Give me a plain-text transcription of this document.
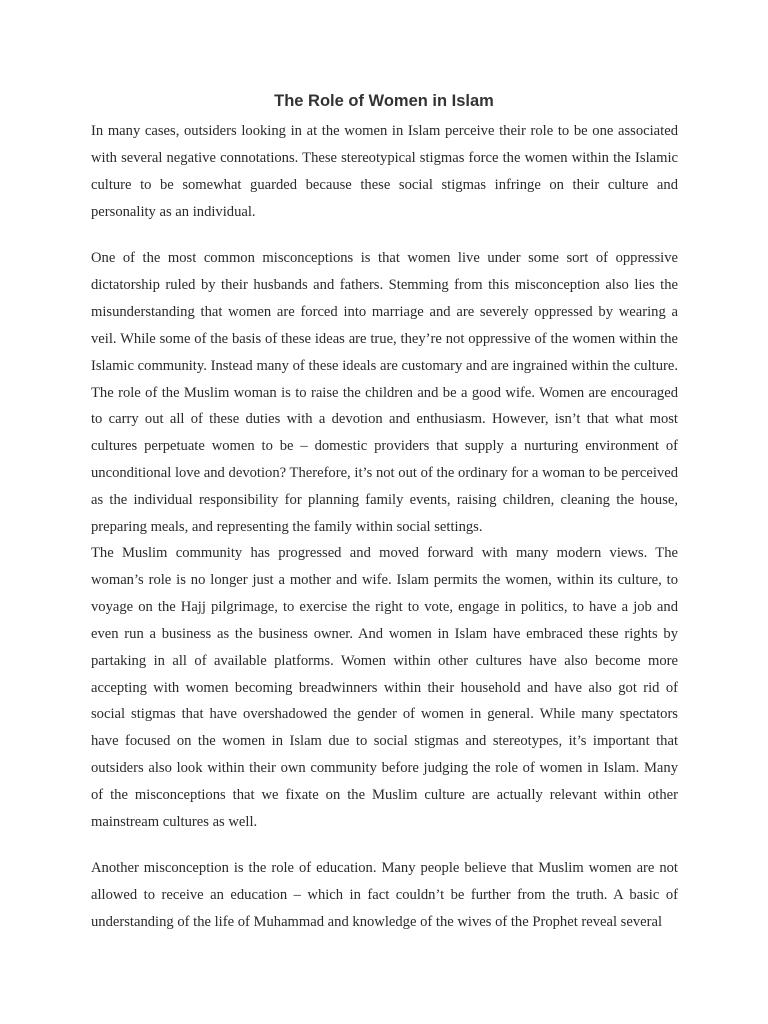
The Role of Women in Islam

In many cases, outsiders looking in at the women in Islam perceive their role to be one associated with several negative connotations. These stereotypical stigmas force the women within the Islamic culture to be somewhat guarded because these social stigmas infringe on their culture and personality as an individual.

One of the most common misconceptions is that women live under some sort of oppressive dictatorship ruled by their husbands and fathers. Stemming from this misconception also lies the misunderstanding that women are forced into marriage and are severely oppressed by wearing a veil. While some of the basis of these ideas are true, they’re not oppressive of the women within the Islamic community. Instead many of these ideals are customary and are ingrained within the culture. The role of the Muslim woman is to raise the children and be a good wife. Women are encouraged to carry out all of these duties with a devotion and enthusiasm. However, isn’t that what most cultures perpetuate women to be – domestic providers that supply a nurturing environment of unconditional love and devotion? Therefore, it’s not out of the ordinary for a woman to be perceived as the individual responsibility for planning family events, raising children, cleaning the house, preparing meals, and representing the family within social settings.

The Muslim community has progressed and moved forward with many modern views. The woman’s role is no longer just a mother and wife. Islam permits the women, within its culture, to voyage on the Hajj pilgrimage, to exercise the right to vote, engage in politics, to have a job and even run a business as the business owner. And women in Islam have embraced these rights by partaking in all of available platforms. Women within other cultures have also become more accepting with women becoming breadwinners within their household and have also got rid of social stigmas that have overshadowed the gender of women in general. While many spectators have focused on the women in Islam due to social stigmas and stereotypes, it’s important that outsiders also look within their own community before judging the role of women in Islam. Many of the misconceptions that we fixate on the Muslim culture are actually relevant within other mainstream cultures as well.

Another misconception is the role of education. Many people believe that Muslim women are not allowed to receive an education – which in fact couldn’t be further from the truth. A basic of understanding of the life of Muhammad and knowledge of the wives of the Prophet reveal several
